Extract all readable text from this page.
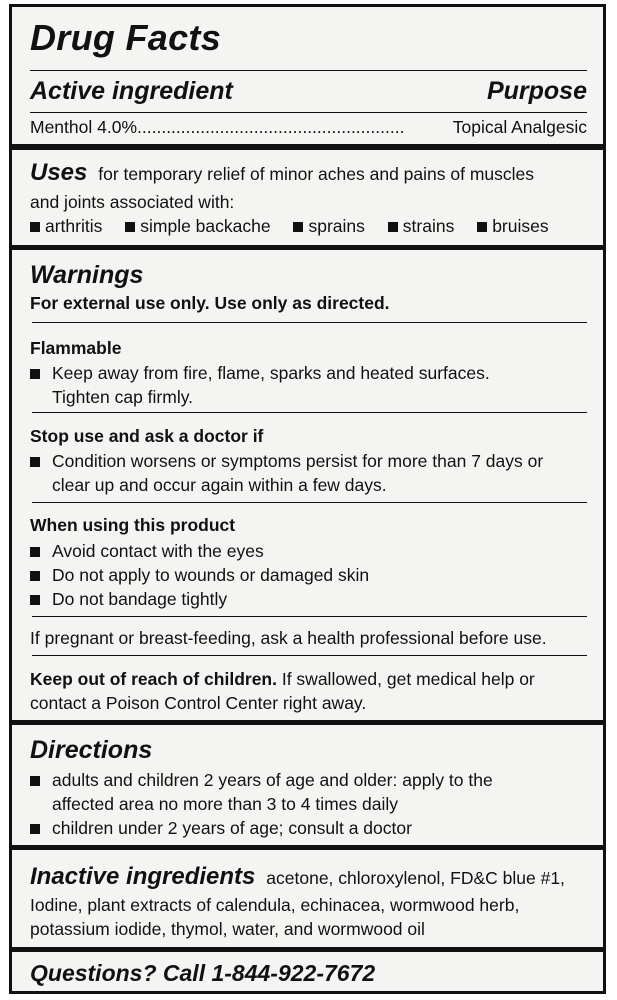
Drug Facts
Active ingredient	Purpose
Menthol 4.0%.......................................................	Topical Analgesic
Uses for temporary relief of minor aches and pains of muscles
and joints associated with:
arthritis simple backache sprains strains bruises
Warnings
For external use only. Use only as directed.
Flammable
Keep away from fire, flame, sparks and heated surfaces.
Tighten cap firmly.
Stop use and ask a doctor if
Condition worsens or symptoms persist for more than 7 days or
clear up and occur again within a few days.
When using this product
Avoid contact with the eyes
Do not apply to wounds or damaged skin
Do not bandage tightly
If pregnant or breast-feeding, ask a health professional before use.
Keep out of reach of children. If swallowed, get medical help or
contact a Poison Control Center right away.
Directions
adults and children 2 years of age and older: apply to the
affected area no more than 3 to 4 times daily
children under 2 years of age; consult a doctor
Inactive ingredients acetone, chloroxylenol, FD&C blue #1,
Iodine, plant extracts of calendula, echinacea, wormwood herb,
potassium iodide, thymol, water, and wormwood oil
Questions? Call 1-844-922-7672
